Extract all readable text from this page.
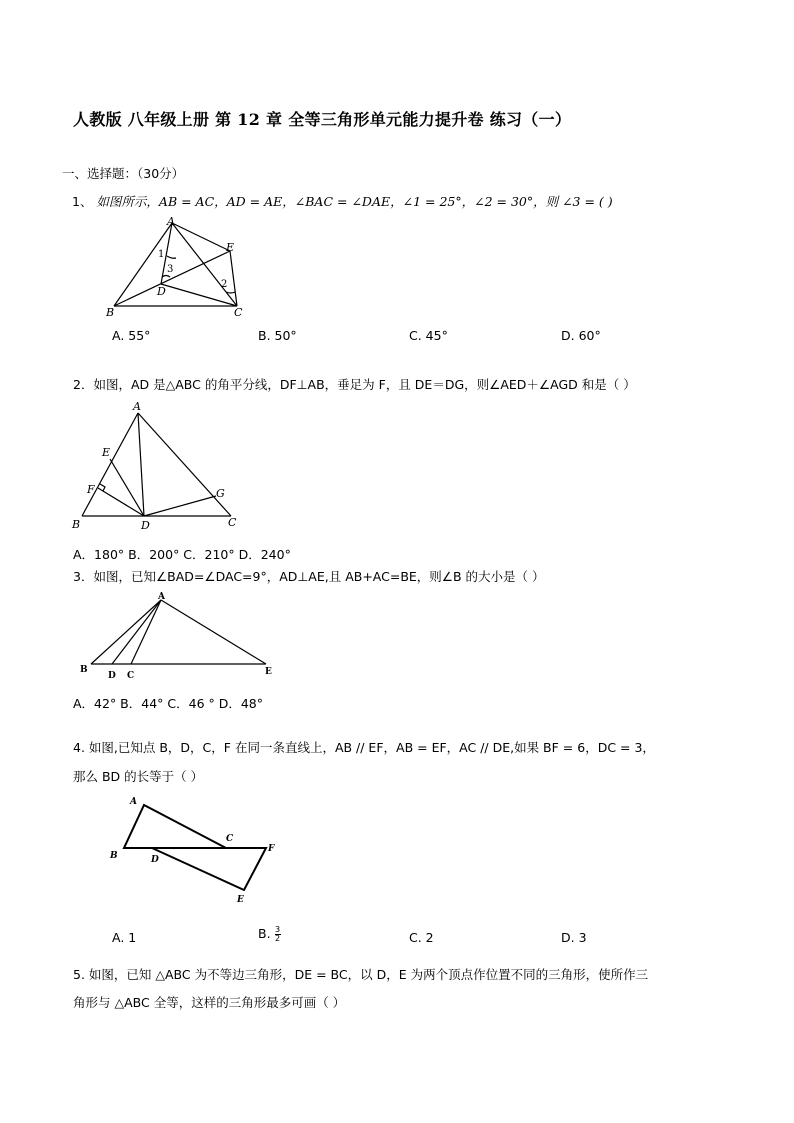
人教版 八年级上册 第 12 章 全等三角形单元能力提升卷 练习（一）
一、选择题：（30分）
1、 如图所示，AB = AC，AD = AE，∠BAC = ∠DAE，∠1 = 25°，∠2 = 30°，则 ∠3 = ( )
A
E
B	C
D
1
3
2
A. 55°	B. 50°	C. 45°	D. 60°
2．如图，AD 是△ABC 的角平分线，DF⊥AB，垂足为 F，且 DE＝DG，则∠AED＋∠AGD 和是（ ）
A
E
F	G
B	D	C
A．180° B．200° C．210° D．240°
3．如图，已知∠BAD=∠DAC=9°，AD⊥AE,且 AB+AC=BE，则∠B 的大小是（ ）
A
B
D C	E
A．42° B．44° C．46 ° D．48°
4. 如图,已知点 B，D，C，F 在同一条直线上，AB // EF，AB = EF，AC // DE,如果 BF = 6，DC = 3，
那么 BD 的长等于（ ）
A
B
C
D
F
E
A. 1	B. $\frac{3}{2}$	C. 2	D. 3
5. 如图，已知 △ABC 为不等边三角形，DE = BC，以 D，E 为两个顶点作位置不同的三角形，使所作三
角形与 △ABC 全等，这样的三角形最多可画（ ）
